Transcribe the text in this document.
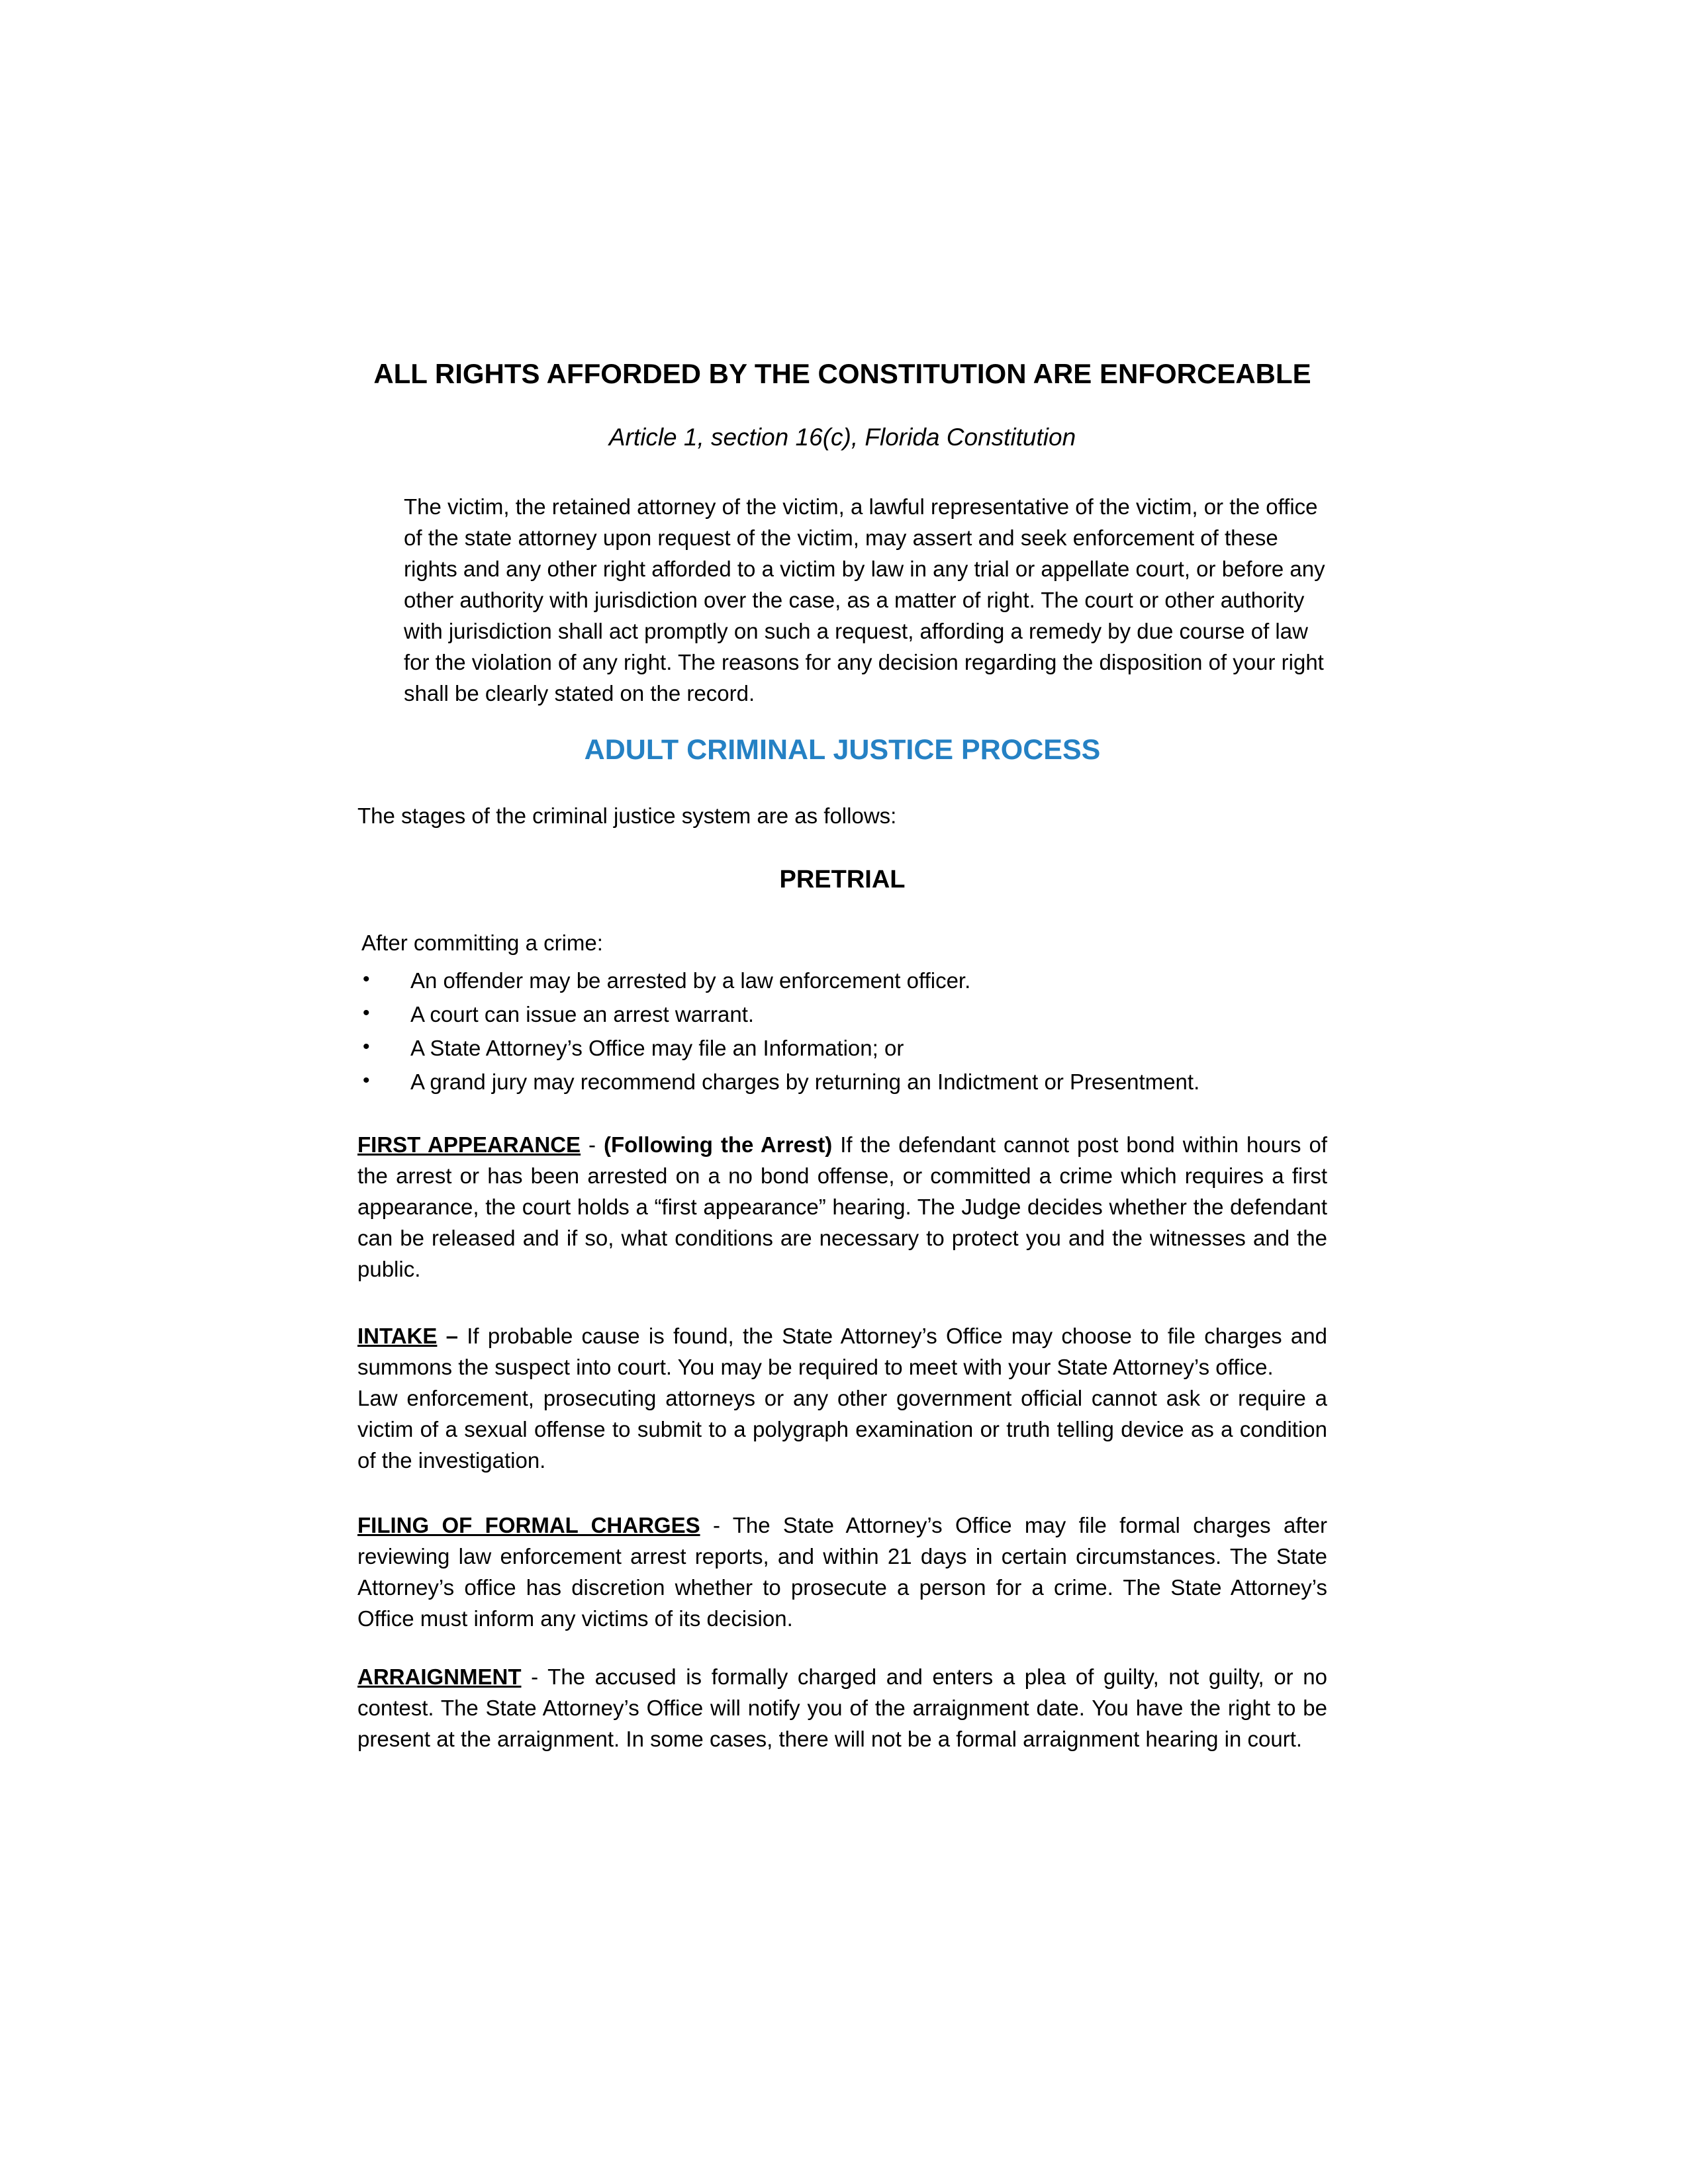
ALL RIGHTS AFFORDED BY THE CONSTITUTION ARE ENFORCEABLE
Article 1, section 16(c), Florida Constitution

The victim, the retained attorney of the victim, a lawful representative of the victim, or the office of the state attorney upon request of the victim, may assert and seek enforcement of these rights and any other right afforded to a victim by law in any trial or appellate court, or before any other authority with jurisdiction over the case, as a matter of right. The court or other authority with jurisdiction shall act promptly on such a request, affording a remedy by due course of law for the violation of any right. The reasons for any decision regarding the disposition of your right shall be clearly stated on the record.

ADULT CRIMINAL JUSTICE PROCESS

The stages of the criminal justice system are as follows:

PRETRIAL

After committing a crime:

• An offender may be arrested by a law enforcement officer.
• A court can issue an arrest warrant.
• A State Attorney’s Office may file an Information; or
• A grand jury may recommend charges by returning an Indictment or Presentment.

FIRST APPEARANCE - (Following the Arrest) If the defendant cannot post bond within hours of the arrest or has been arrested on a no bond offense, or committed a crime which requires a first appearance, the court holds a “first appearance” hearing. The Judge decides whether the defendant can be released and if so, what conditions are necessary to protect you and the witnesses and the public.

INTAKE – If probable cause is found, the State Attorney’s Office may choose to file charges and summons the suspect into court. You may be required to meet with your State Attorney’s office.
Law enforcement, prosecuting attorneys or any other government official cannot ask or require a victim of a sexual offense to submit to a polygraph examination or truth telling device as a condition of the investigation.

FILING OF FORMAL CHARGES - The State Attorney’s Office may file formal charges after reviewing law enforcement arrest reports, and within 21 days in certain circumstances. The State Attorney’s office has discretion whether to prosecute a person for a crime. The State Attorney’s Office must inform any victims of its decision.

ARRAIGNMENT - The accused is formally charged and enters a plea of guilty, not guilty, or no contest. The State Attorney’s Office will notify you of the arraignment date. You have the right to be present at the arraignment. In some cases, there will not be a formal arraignment hearing in court.
